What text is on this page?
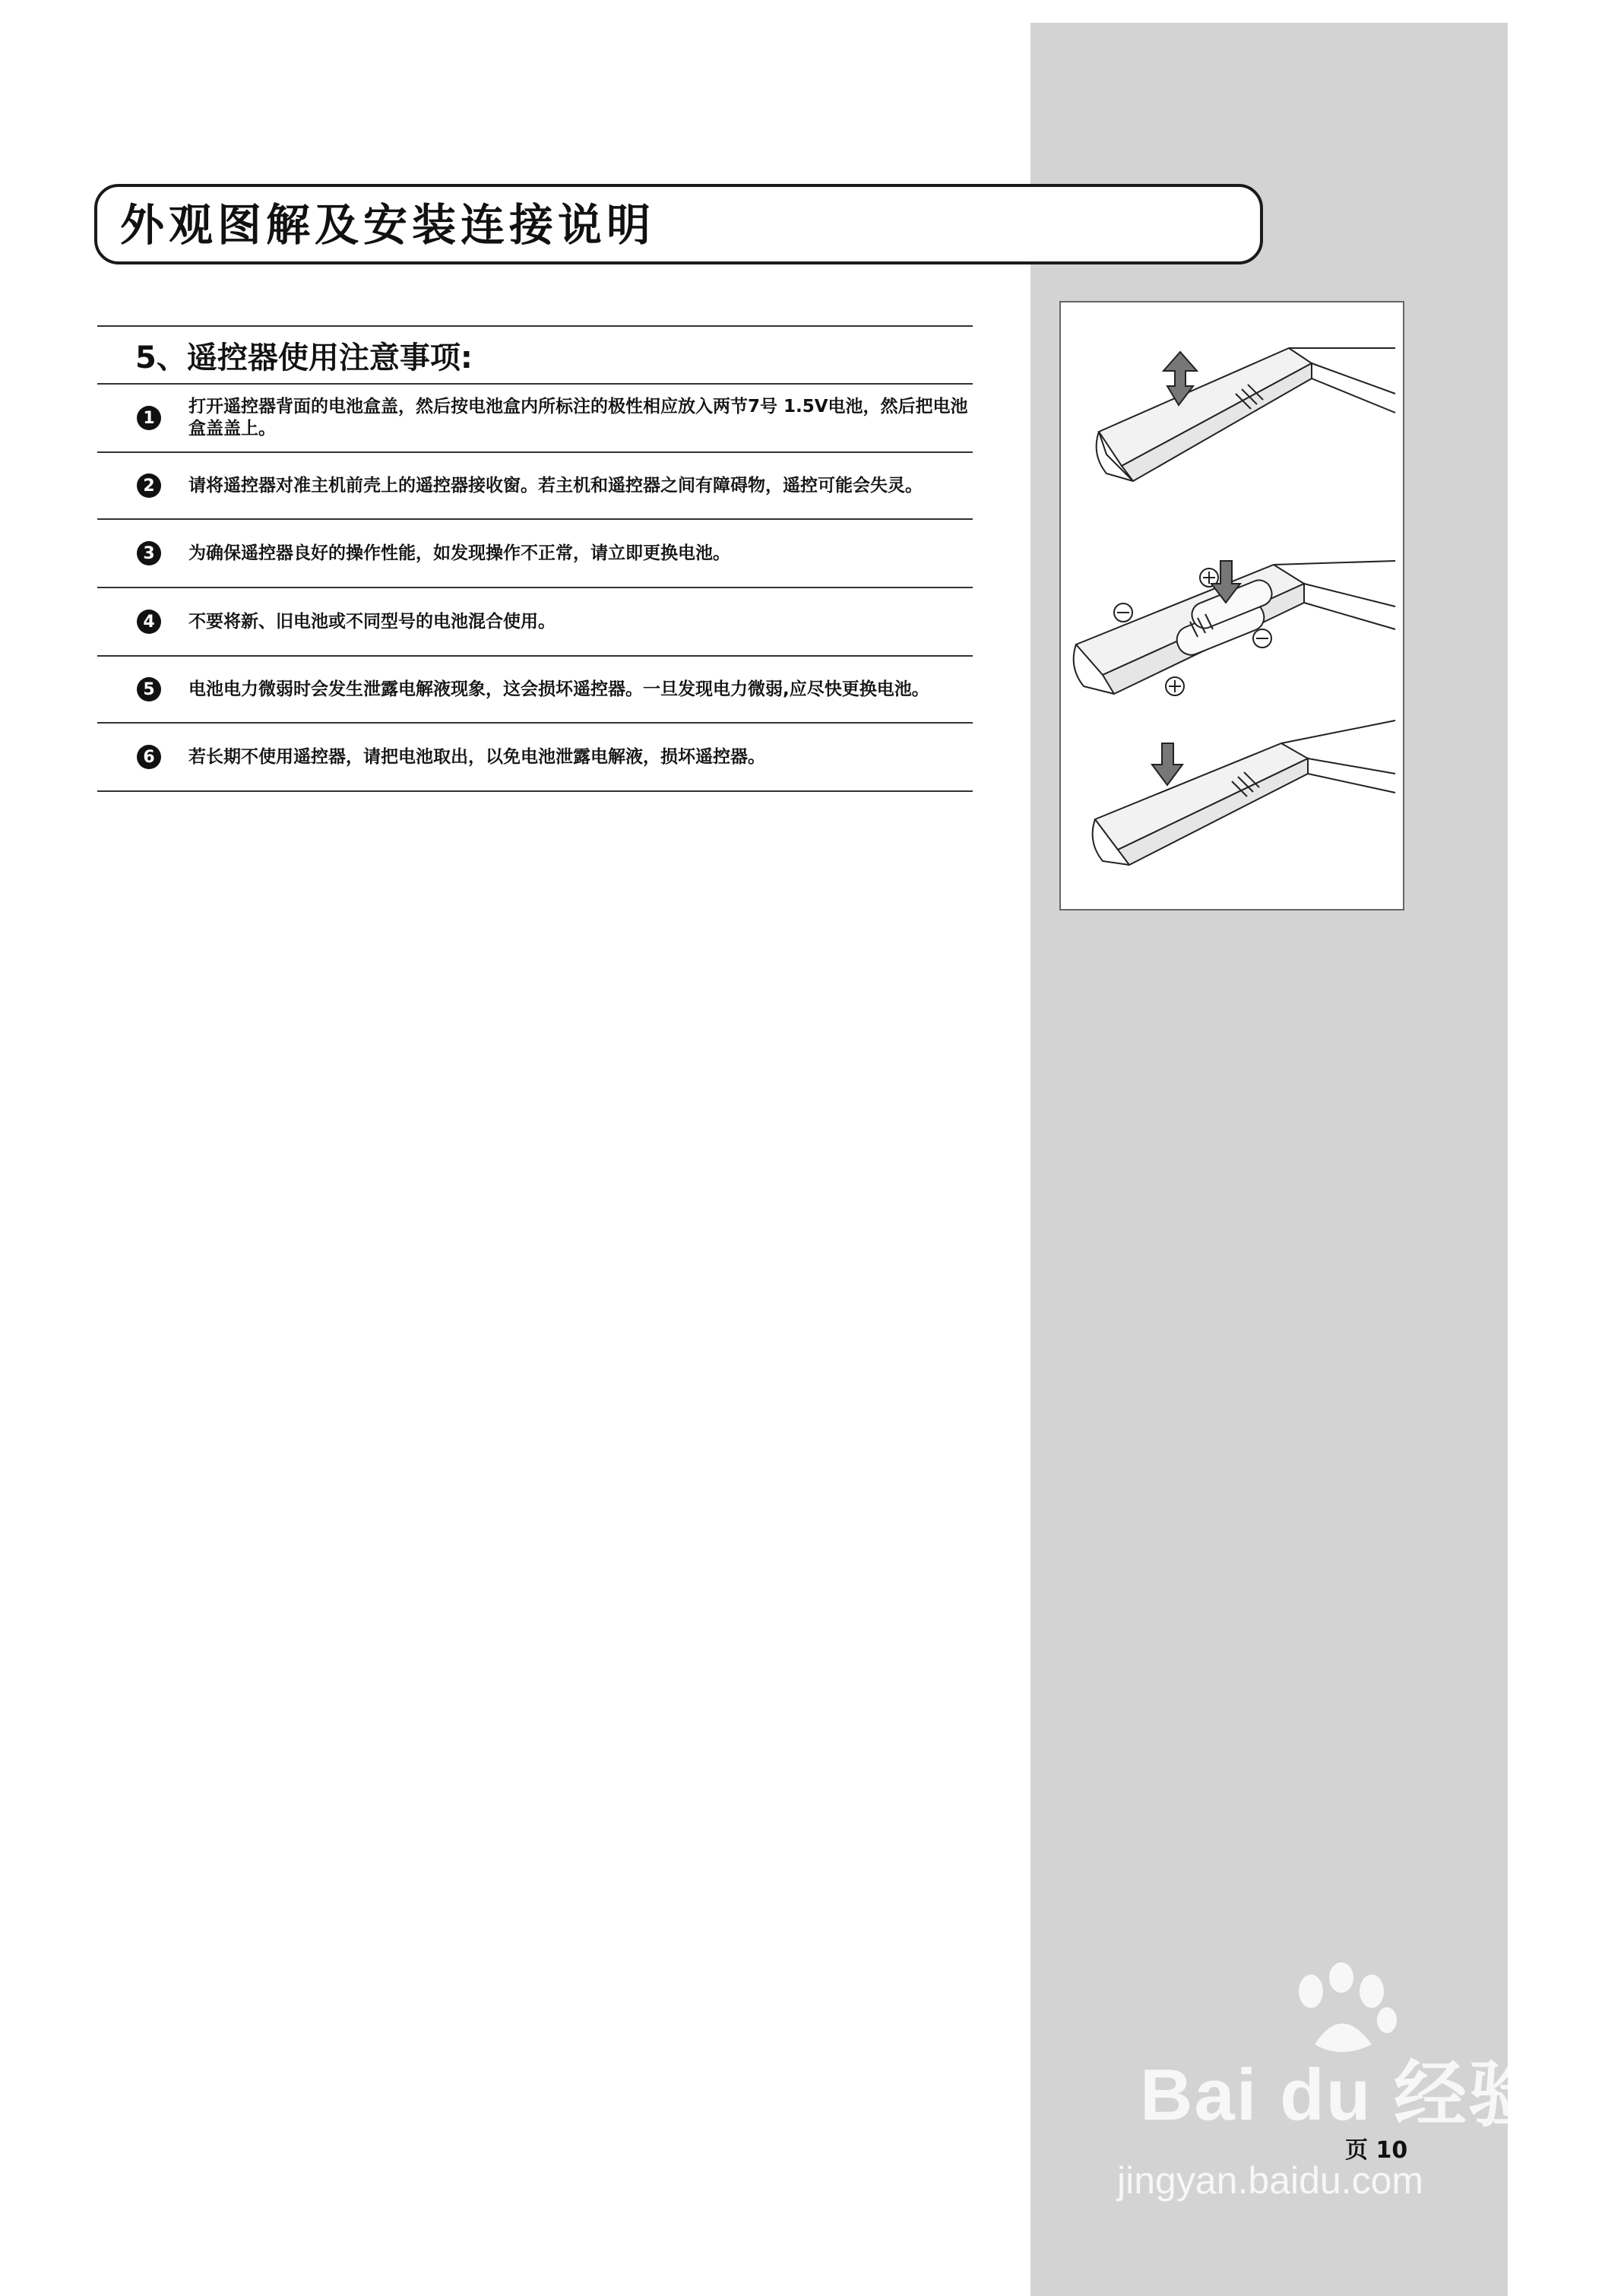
外观图解及安装连接说明
5、遥控器使用注意事项:
1
打开遥控器背面的电池盒盖，然后按电池盒内所标注的极性相应放入两节7号 1.5V电池，然后把电池盒盖盖上。
2	请将遥控器对准主机前壳上的遥控器接收窗。若主机和遥控器之间有障碍物，遥控可能会失灵。
3	为确保遥控器良好的操作性能，如发现操作不正常，请立即更换电池。
4	不要将新、旧电池或不同型号的电池混合使用。
5	电池电力微弱时会发生泄露电解液现象，这会损坏遥控器。一旦发现电力微弱,应尽快更换电池。
6	若长期不使用遥控器，请把电池取出，以免电池泄露电解液，损坏遥控器。
Bai du 经验
jingyan.baidu.com
页 10
